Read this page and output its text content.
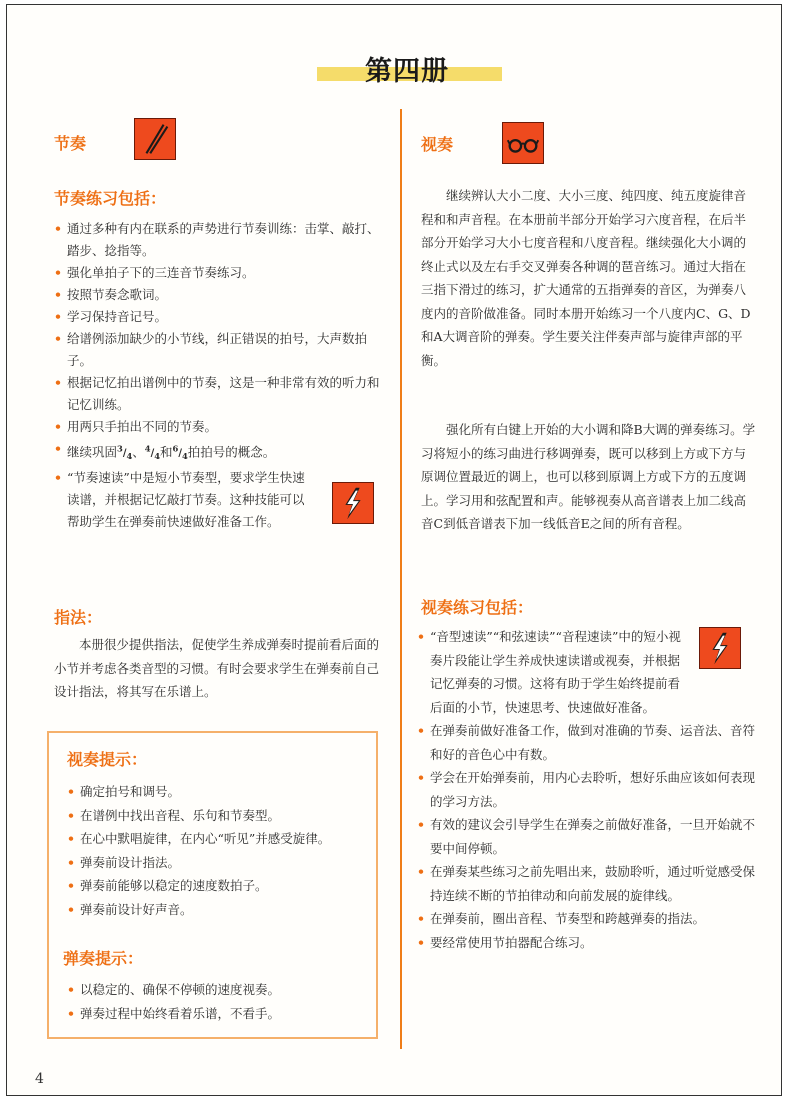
第四册
节奏
节奏练习包括：
• 通过多种有内在联系的声势进行节奏训练：击掌、敲打、踏步、捻指等。
• 强化单拍子下的三连音节奏练习。
• 按照节奏念歌词。
• 学习保持音记号。
• 给谱例添加缺少的小节线，纠正错误的拍号，大声数拍子。
• 根据记忆拍出谱例中的节奏，这是一种非常有效的听力和记忆训练。
• 用两只手拍出不同的节奏。
• 继续巩固$^3/_4$、$^4/_4$和$^6/_4$拍拍号的概念。
• “节奏速读”中是短小节奏型，要求学生快速读谱，并根据记忆敲打节奏。这种技能可以帮助学生在弹奏前快速做好准备工作。
指法：

本册很少提供指法，促使学生养成弹奏时提前看后面的小节并考虑各类音型的习惯。有时会要求学生在弹奏前自己设计指法，将其写在乐谱上。

视奏提示：
• 确定拍号和调号。
• 在谱例中找出音程、乐句和节奏型。
• 在心中默唱旋律，在内心“听见”并感受旋律。
• 弹奏前设计指法。
• 弹奏前能够以稳定的速度数拍子。
• 弹奏前设计好声音。
弹奏提示：
• 以稳定的、确保不停顿的速度视奏。
• 弹奏过程中始终看着乐谱，不看手。
视奏

继续辨认大小二度、大小三度、纯四度、纯五度旋律音程和和声音程。在本册前半部分开始学习六度音程，在后半部分开始学习大小七度音程和八度音程。继续强化大小调的终止式以及左右手交叉弹奏各种调的琶音练习。通过大指在三指下滑过的练习，扩大通常的五指弹奏的音区，为弹奏八度内的音阶做准备。同时本册开始练习一个八度内C、G、D和A大调音阶的弹奏。学生要关注伴奏声部与旋律声部的平衡。

强化所有白键上开始的大小调和降B大调的弹奏练习。学习将短小的练习曲进行移调弹奏，既可以移到上方或下方与原调位置最近的调上，也可以移到原调上方或下方的五度调上。学习用和弦配置和声。能够视奏从高音谱表上加二线高音C到低音谱表下加一线低音E之间的所有音程。

视奏练习包括：
• “音型速读”“和弦速读”“音程速读”中的短小视奏片段能让学生养成快速读谱或视奏，并根据记忆弹奏的习惯。这将有助于学生始终提前看后面的小节，快速思考、快速做好准备。
• 在弹奏前做好准备工作，做到对准确的节奏、运音法、音符和好的音色心中有数。
• 学会在开始弹奏前，用内心去聆听，想好乐曲应该如何表现的学习方法。
• 有效的建议会引导学生在弹奏之前做好准备，一旦开始就不要中间停顿。
• 在弹奏某些练习之前先唱出来，鼓励聆听，通过听觉感受保持连续不断的节拍律动和向前发展的旋律线。
• 在弹奏前，圈出音程、节奏型和跨越弹奏的指法。
• 要经常使用节拍器配合练习。
4
